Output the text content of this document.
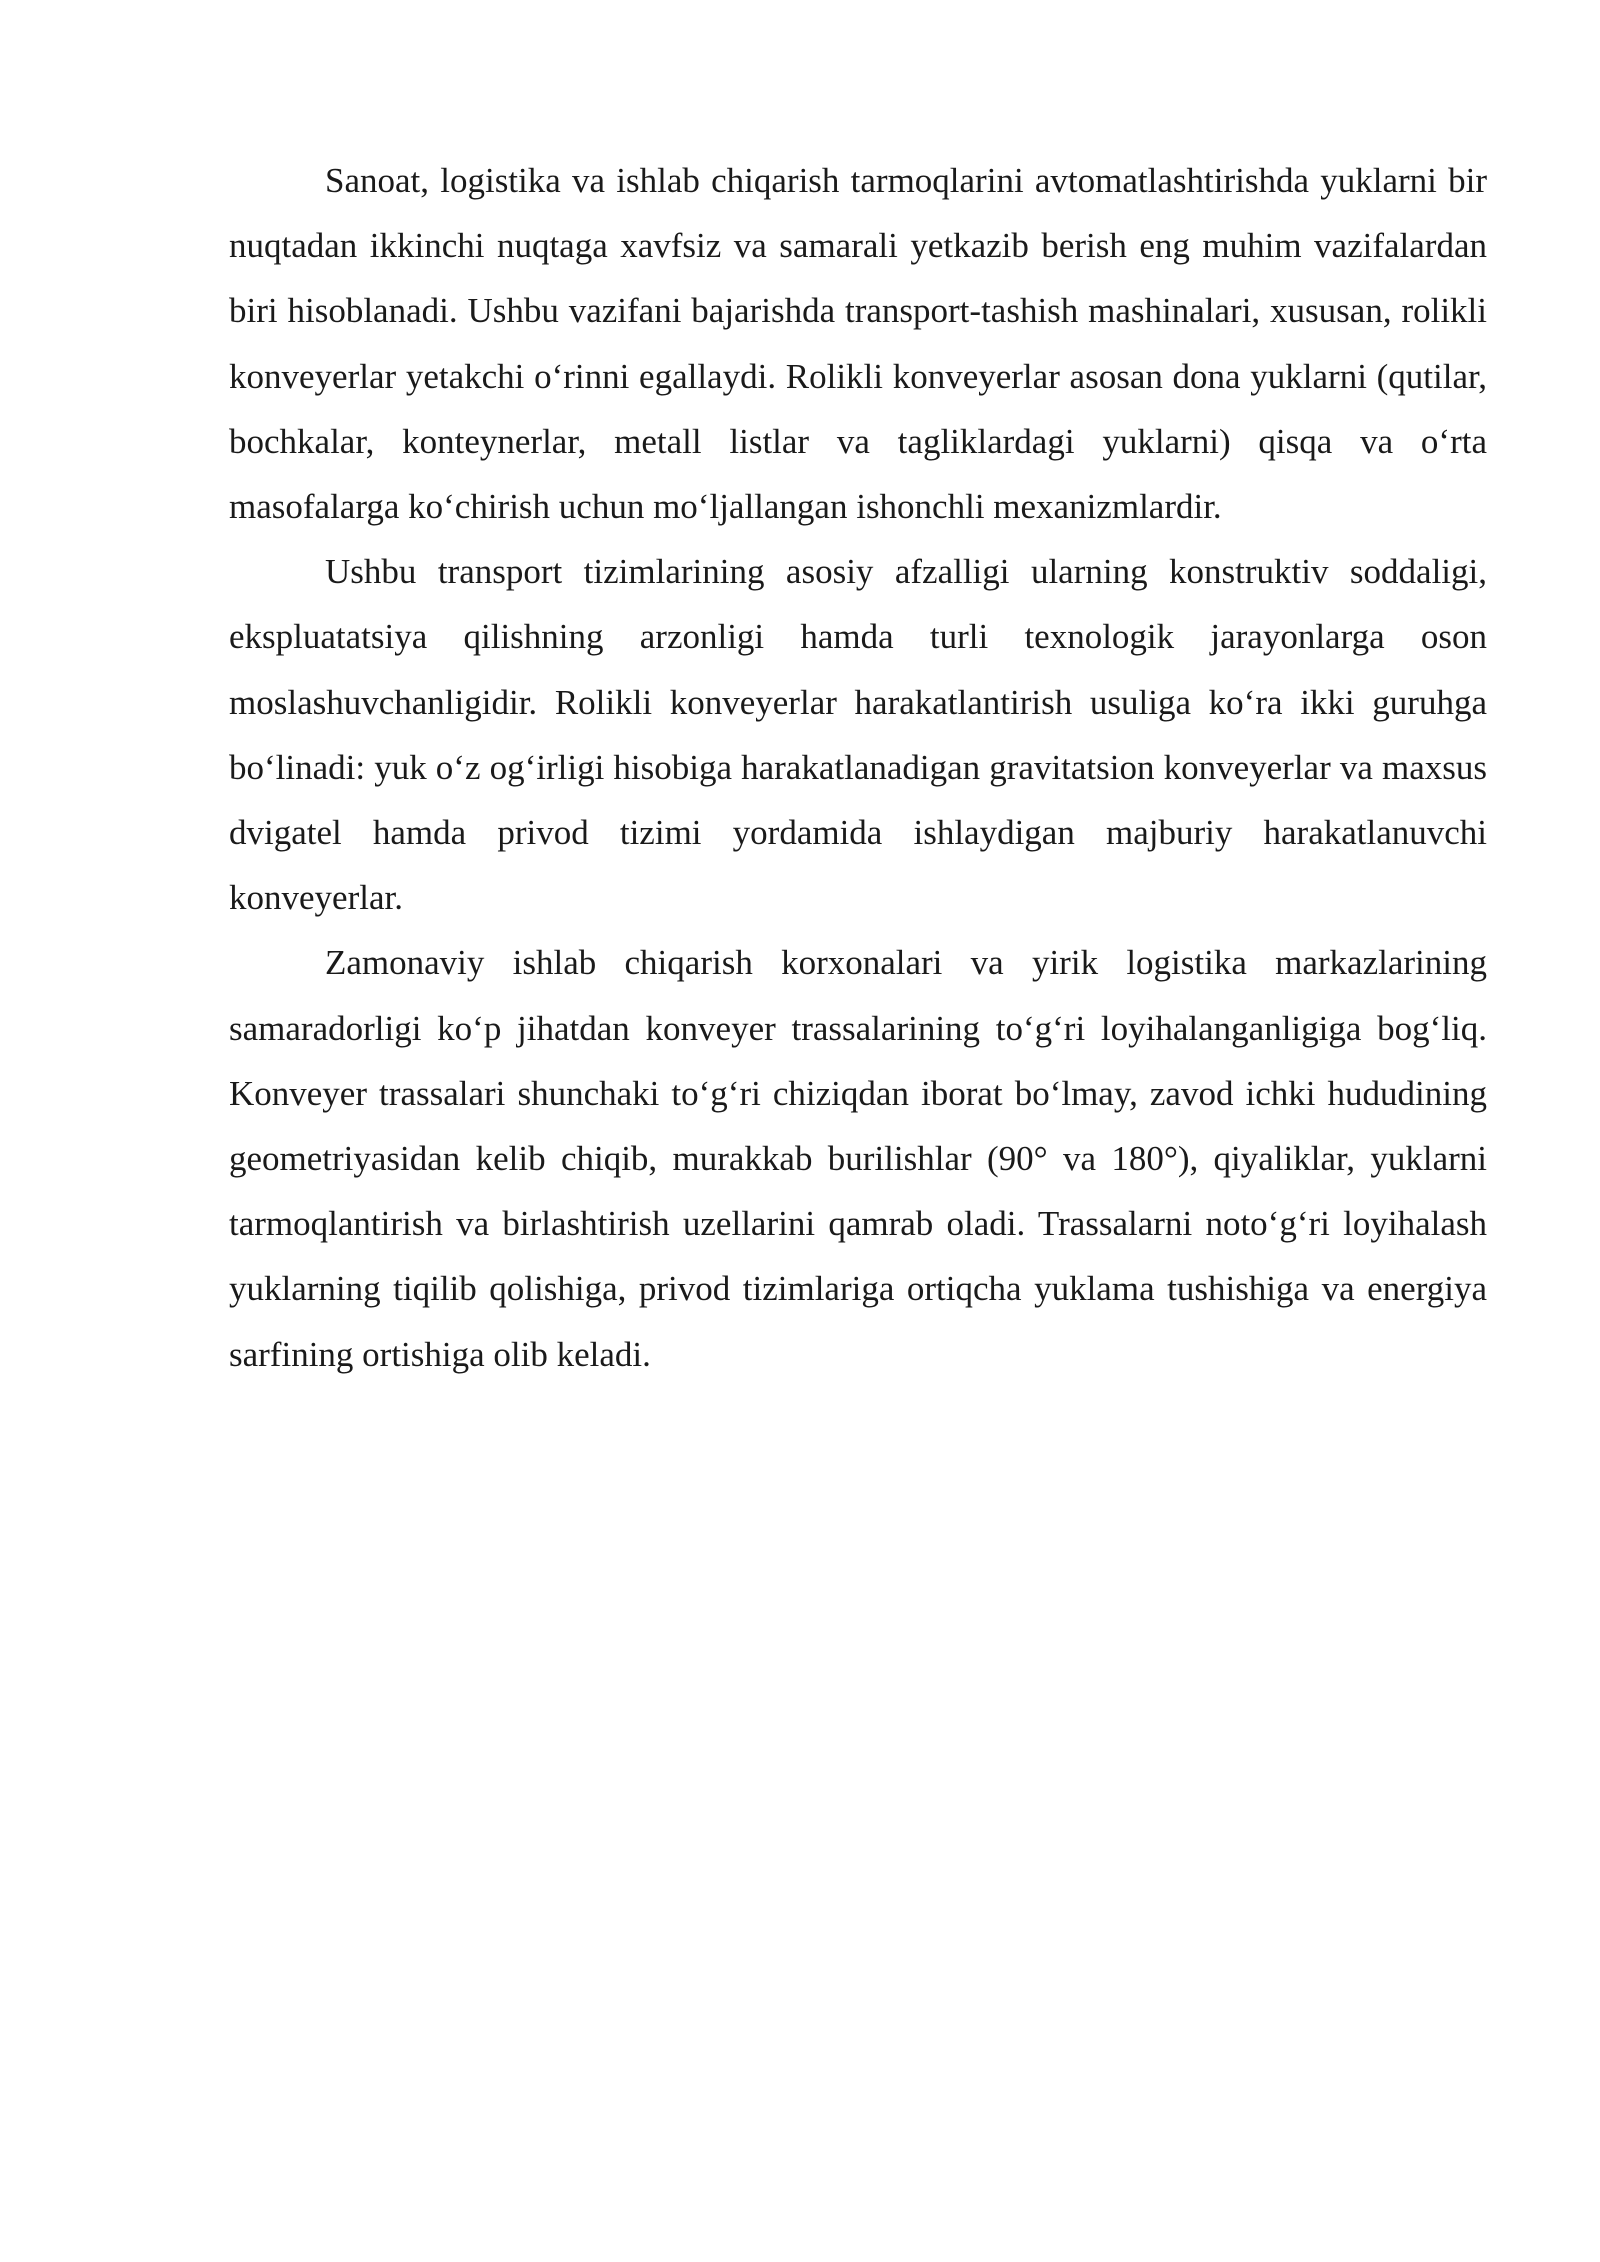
Sanoat, logistika va ishlab chiqarish tarmoqlarini avtomatlashtirishda yuklarni bir nuqtadan ikkinchi nuqtaga xavfsiz va samarali yetkazib berish eng muhim vazifalardan biri hisoblanadi. Ushbu vazifani bajarishda transport-tashish mashinalari, xususan, rolikli konveyerlar yetakchi o‘rinni egallaydi. Rolikli konveyerlar asosan dona yuklarni (qutilar, bochkalar, konteynerlar, metall listlar va tagliklardagi yuklarni) qisqa va o‘rta masofalarga ko‘chirish uchun mo‘ljallangan ishonchli mexanizmlardir.

Ushbu transport tizimlarining asosiy afzalligi ularning konstruktiv soddaligi, ekspluatatsiya qilishning arzonligi hamda turli texnologik jarayonlarga oson moslashuvchanligidir. Rolikli konveyerlar harakatlantirish usuliga ko‘ra ikki guruhga bo‘linadi: yuk o‘z og‘irligi hisobiga harakatlanadigan gravitatsion konveyerlar va maxsus dvigatel hamda privod tizimi yordamida ishlaydigan majburiy harakatlanuvchi konveyerlar.

Zamonaviy ishlab chiqarish korxonalari va yirik logistika markazlarining samaradorligi ko‘p jihatdan konveyer trassalarining to‘g‘ri loyihalanganligiga bog‘liq. Konveyer trassalari shunchaki to‘g‘ri chiziqdan iborat bo‘lmay, zavod ichki hududining geometriyasidan kelib chiqib, murakkab burilishlar (90° va 180°), qiyaliklar, yuklarni tarmoqlantirish va birlashtirish uzellarini qamrab oladi. Trassalarni noto‘g‘ri loyihalash yuklarning tiqilib qolishiga, privod tizimlariga ortiqcha yuklama tushishiga va energiya sarfining ortishiga olib keladi.
